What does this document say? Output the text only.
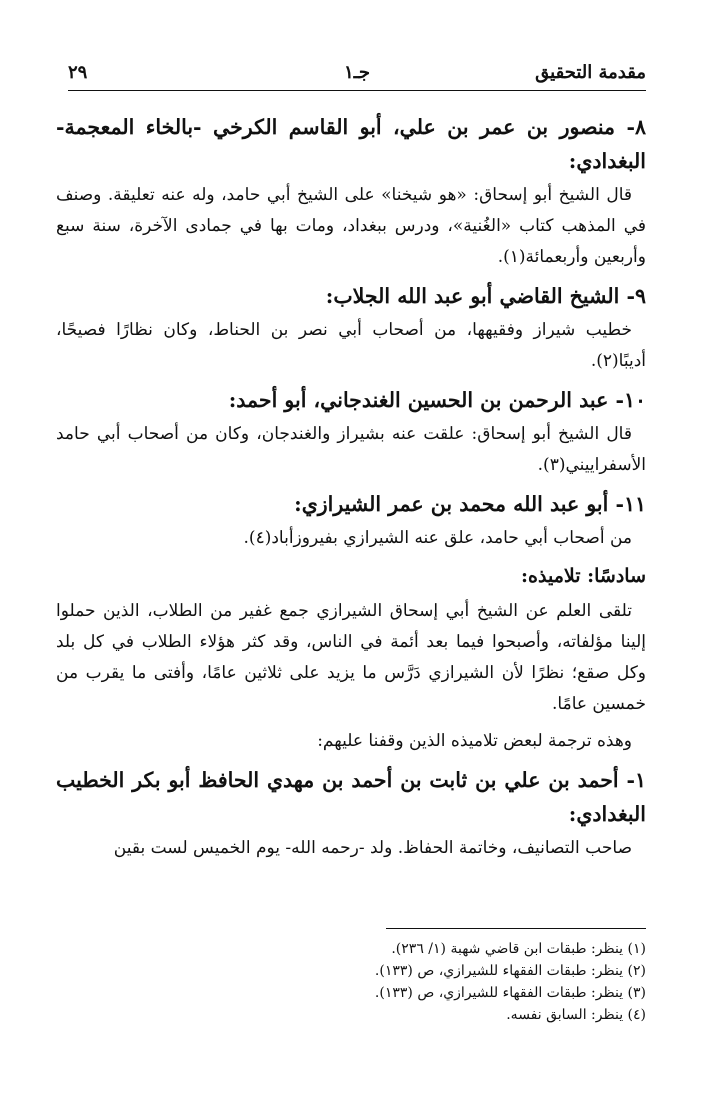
مقدمة التحقيق
جـ١
٢٩

٨- منصور بن عمر بن علي، أبو القاسم الكرخي -بالخاء المعجمة- البغدادي:

قال الشيخ أبو إسحاق: «هو شيخنا» على الشيخ أبي حامد، وله عنه تعليقة. وصنف في المذهب كتاب «الغُنية»، ودرس ببغداد، ومات بها في جمادى الآخرة، سنة سبع وأربعين وأربعمائة(١).

٩- الشيخ القاضي أبو عبد الله الجلاب:

خطيب شيراز وفقيهها، من أصحاب أبي نصر بن الحناط، وكان نظارًا فصيحًا، أديبًا(٢).

١٠- عبد الرحمن بن الحسين الغندجاني، أبو أحمد:

قال الشيخ أبو إسحاق: علقت عنه بشيراز والغندجان، وكان من أصحاب أبي حامد الأسفراييني(٣).

١١- أبو عبد الله محمد بن عمر الشيرازي:

من أصحاب أبي حامد، علق عنه الشيرازي بفيروزأباد(٤).

سادسًا: تلاميذه:

تلقى العلم عن الشيخ أبي إسحاق الشيرازي جمع غفير من الطلاب، الذين حملوا إلينا مؤلفاته، وأصبحوا فيما بعد أئمة في الناس، وقد كثر هؤلاء الطلاب في كل بلد وكل صقع؛ نظرًا لأن الشيرازي دَرَّس ما يزيد على ثلاثين عامًا، وأفتى ما يقرب من خمسين عامًا.

وهذه ترجمة لبعض تلاميذه الذين وقفنا عليهم:

١- أحمد بن علي بن ثابت بن أحمد بن مهدي الحافظ أبو بكر الخطيب البغدادي:

صاحب التصانيف، وخاتمة الحفاظ. ولد -رحمه الله- يوم الخميس لست بقين

(١) ينظر: طبقات ابن قاضي شهبة (١/ ٢٣٦).
(٢) ينظر: طبقات الفقهاء للشيرازي، ص (١٣٣).
(٣) ينظر: طبقات الفقهاء للشيرازي، ص (١٣٣).
(٤) ينظر: السابق نفسه.
